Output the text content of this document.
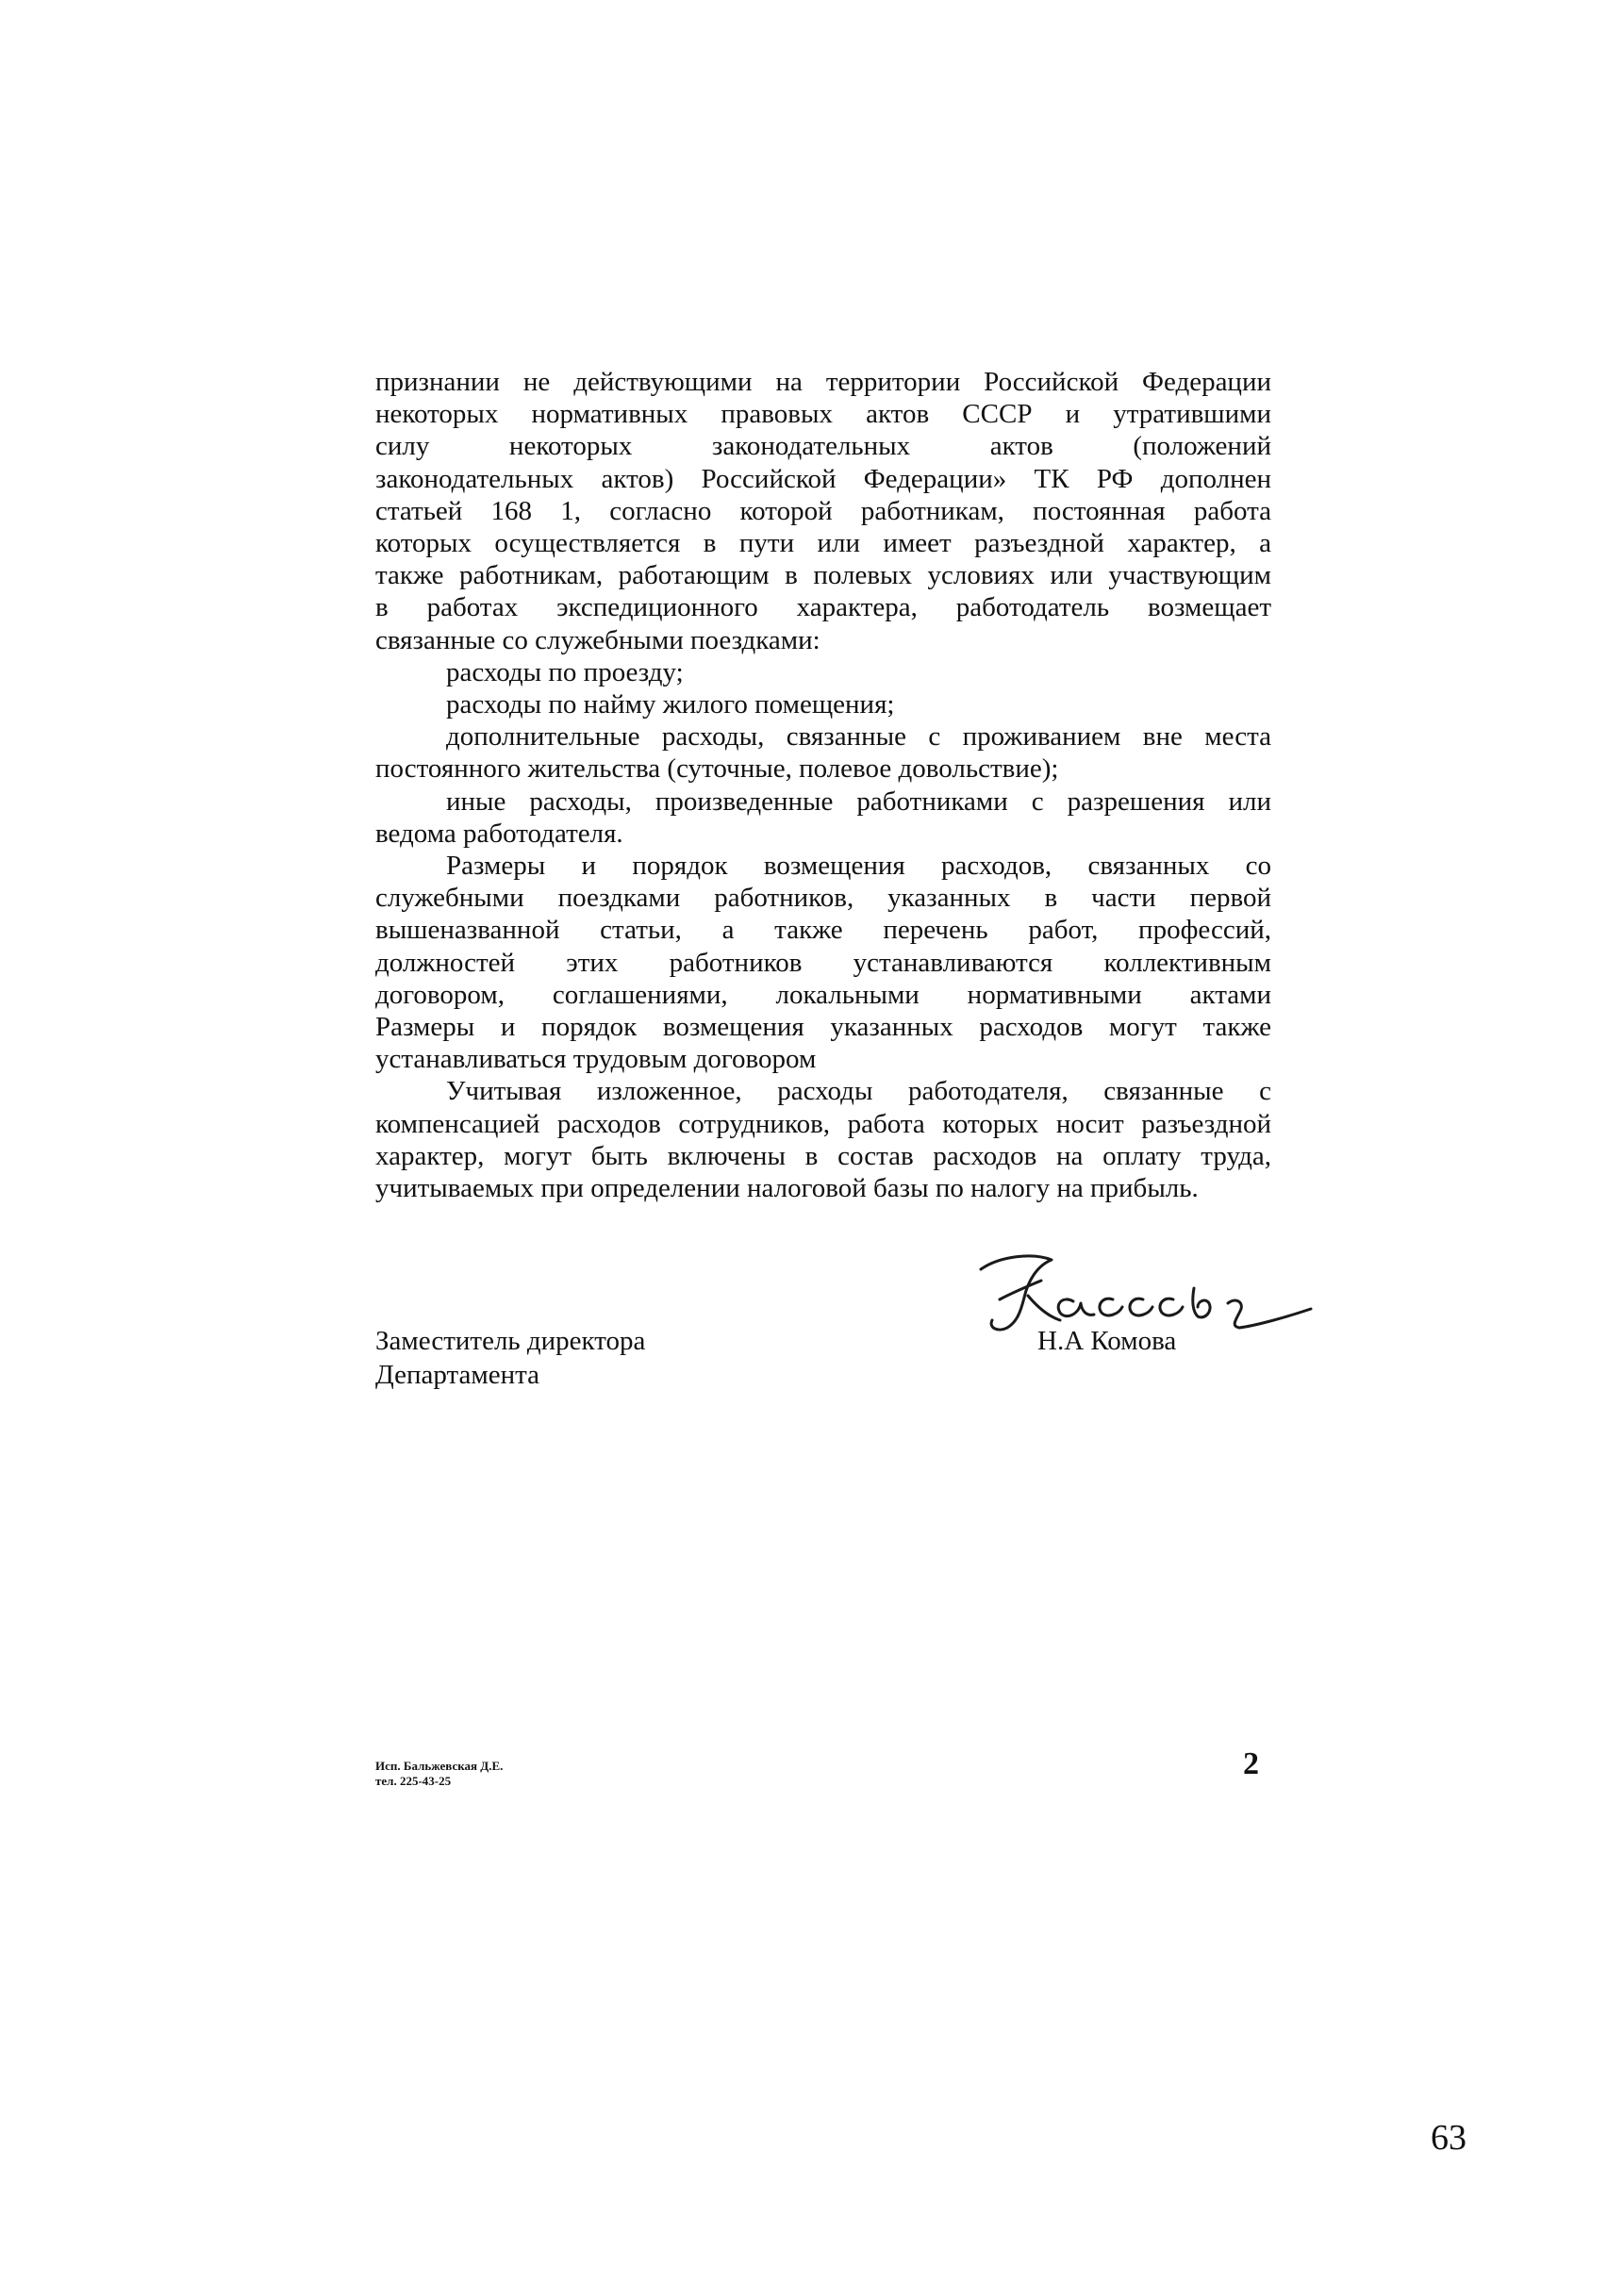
признании не действующими на территории Российской Федерации
некоторых нормативных правовых актов СССР и утратившими
силу некоторых законодательных актов (положений
законодательных актов) Российской Федерации» ТК РФ дополнен
статьей 168 1, согласно которой работникам, постоянная работа
которых осуществляется в пути или имеет разъездной характер, а
также работникам, работающим в полевых условиях или участвующим
в работах экспедиционного характера, работодатель возмещает
связанные со служебными поездками:
расходы по проезду;
расходы по найму жилого помещения;
дополнительные расходы, связанные с проживанием вне места
постоянного жительства (суточные, полевое довольствие);
иные расходы, произведенные работниками с разрешения или
ведома работодателя.
Размеры и порядок возмещения расходов, связанных со
служебными поездками работников, указанных в части первой
вышеназванной статьи, а также перечень работ, профессий,
должностей этих работников устанавливаются коллективным
договором, соглашениями, локальными нормативными актами
Размеры и порядок возмещения указанных расходов могут также
устанавливаться трудовым договором
Учитывая изложенное, расходы работодателя, связанные с
компенсацией расходов сотрудников, работа которых носит разъездной
характер, могут быть включены в состав расходов на оплату труда,
учитываемых при определении налоговой базы по налогу на прибыль.
Заместитель директора
Департамента
Н.А Комова
Исп. Бальжевская Д.Е.
тел. 225-43-25	2
63
